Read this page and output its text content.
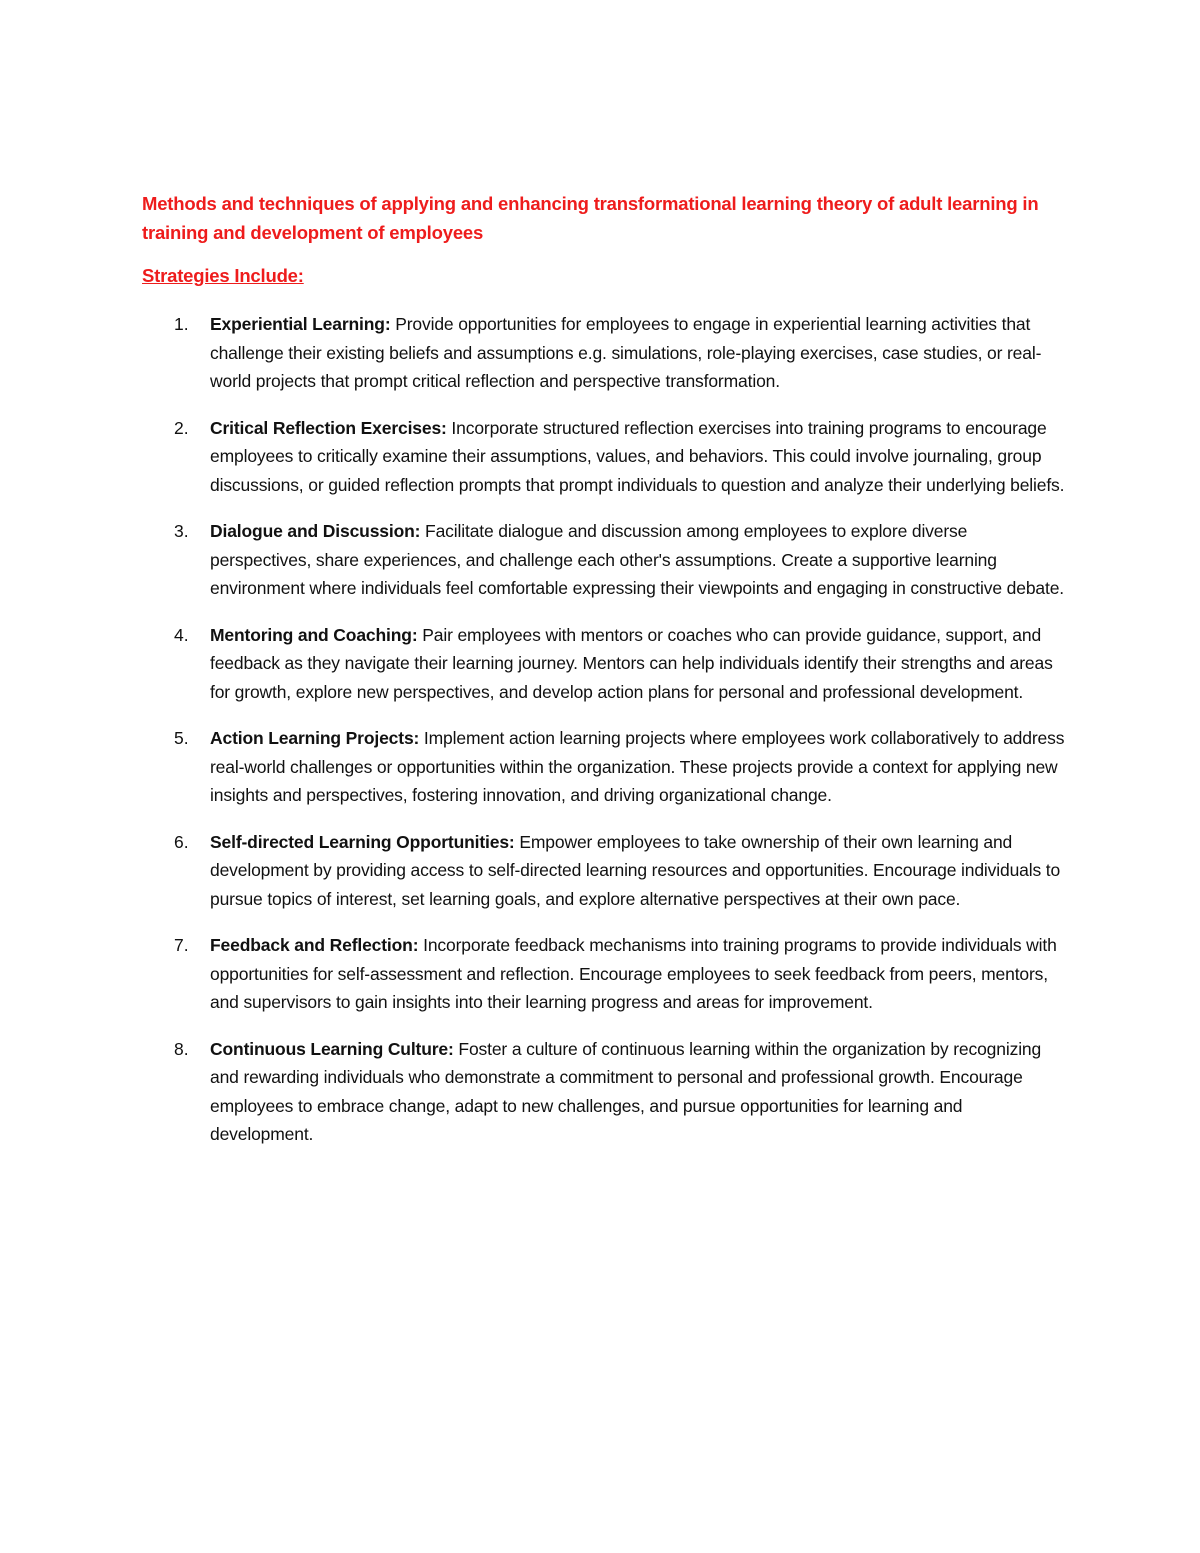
Methods and techniques of applying and enhancing transformational learning theory of adult learning in training and development of employees
Strategies Include:
1. Experiential Learning: Provide opportunities for employees to engage in experiential learning activities that challenge their existing beliefs and assumptions e.g. simulations, role-playing exercises, case studies, or real-world projects that prompt critical reflection and perspective transformation.
2. Critical Reflection Exercises: Incorporate structured reflection exercises into training programs to encourage employees to critically examine their assumptions, values, and behaviors. This could involve journaling, group discussions, or guided reflection prompts that prompt individuals to question and analyze their underlying beliefs.
3. Dialogue and Discussion: Facilitate dialogue and discussion among employees to explore diverse perspectives, share experiences, and challenge each other's assumptions. Create a supportive learning environment where individuals feel comfortable expressing their viewpoints and engaging in constructive debate.
4. Mentoring and Coaching: Pair employees with mentors or coaches who can provide guidance, support, and feedback as they navigate their learning journey. Mentors can help individuals identify their strengths and areas for growth, explore new perspectives, and develop action plans for personal and professional development.
5. Action Learning Projects: Implement action learning projects where employees work collaboratively to address real-world challenges or opportunities within the organization. These projects provide a context for applying new insights and perspectives, fostering innovation, and driving organizational change.
6. Self-directed Learning Opportunities: Empower employees to take ownership of their own learning and development by providing access to self-directed learning resources and opportunities. Encourage individuals to pursue topics of interest, set learning goals, and explore alternative perspectives at their own pace.
7. Feedback and Reflection: Incorporate feedback mechanisms into training programs to provide individuals with opportunities for self-assessment and reflection. Encourage employees to seek feedback from peers, mentors, and supervisors to gain insights into their learning progress and areas for improvement.
8. Continuous Learning Culture: Foster a culture of continuous learning within the organization by recognizing and rewarding individuals who demonstrate a commitment to personal and professional growth. Encourage employees to embrace change, adapt to new challenges, and pursue opportunities for learning and development.
